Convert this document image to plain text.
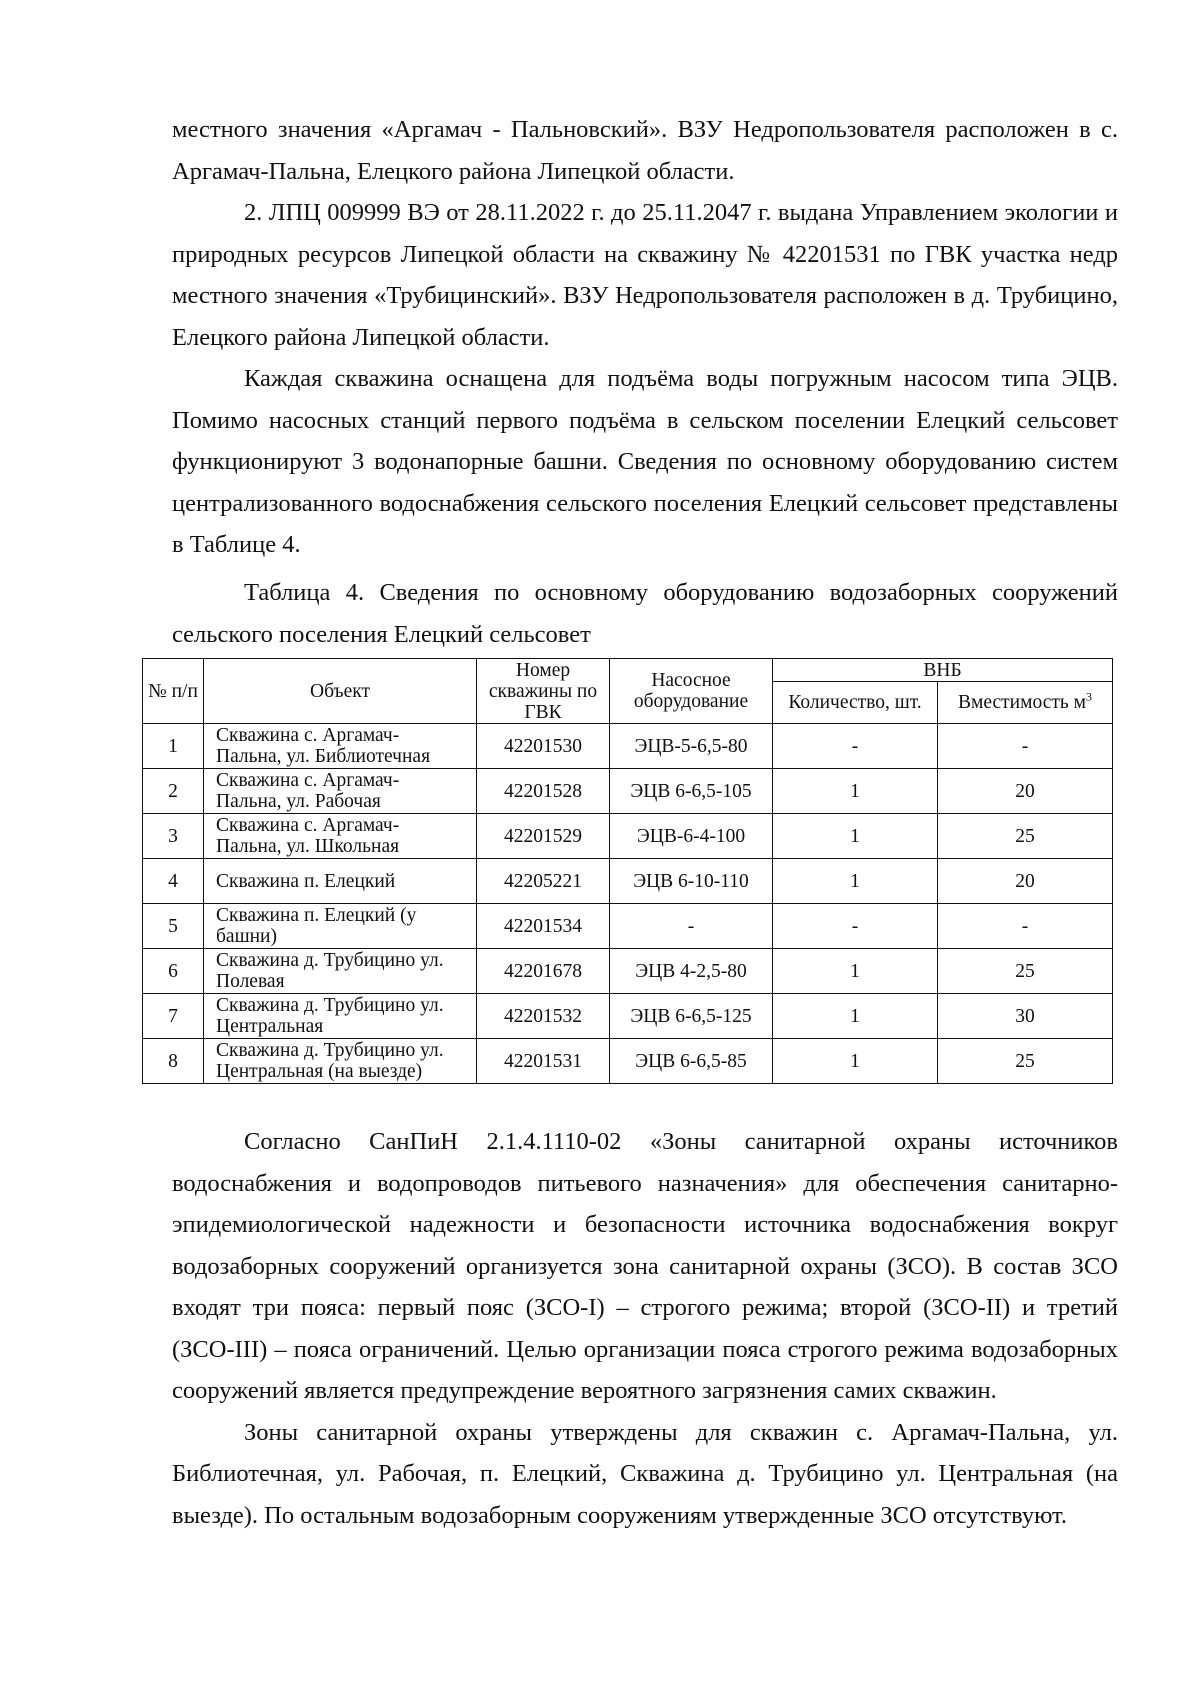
местного значения «Аргамач - Пальновский». ВЗУ Недропользователя расположен в с. Аргамач-Пальна, Елецкого района Липецкой области.

2. ЛПЦ 009999 ВЭ от 28.11.2022 г. до 25.11.2047 г. выдана Управлением экологии и природных ресурсов Липецкой области на скважину № 42201531 по ГВК участка недр местного значения «Трубицинский». ВЗУ Недропользователя расположен в д. Трубицино, Елецкого района Липецкой области.

Каждая скважина оснащена для подъёма воды погружным насосом типа ЭЦВ. Помимо насосных станций первого подъёма в сельском поселении Елецкий сельсовет функционируют 3 водонапорные башни. Сведения по основному оборудованию систем централизованного водоснабжения сельского поселения Елецкий сельсовет представлены в Таблице 4.

Таблица 4. Сведения по основному оборудованию водозаборных сооружений сельского поселения Елецкий сельсовет

№ п/п	Объект	Номер скважины по ГВК	Насосное оборудование	ВНБ	
				Количество, шт.	Вместимость $м^3$
1	Скважина с. Аргамач-
Пальна, ул. Библиотечная	42201530	ЭЦВ-5-6,5-80	-	-
2	Скважина с. Аргамач-
Пальна, ул. Рабочая	42201528	ЭЦВ 6-6,5-105	1	20
3	Скважина с. Аргамач-
Пальна, ул. Школьная	42201529	ЭЦВ-6-4-100	1	25
4	Скважина п. Елецкий	42205221	ЭЦВ 6-10-110	1	20
5	Скважина п. Елецкий (у
башни)	42201534	-	-	-
6	Скважина д. Трубицино ул.
Полевая	42201678	ЭЦВ 4-2,5-80	1	25
7	Скважина д. Трубицино ул.
Центральная	42201532	ЭЦВ 6-6,5-125	1	30
8	Скважина д. Трубицино ул.
Центральная (на выезде)	42201531	ЭЦВ 6-6,5-85	1	25

Согласно СанПиН 2.1.4.1110-02 «Зоны санитарной охраны источников водоснабжения и водопроводов питьевого назначения» для обеспечения санитарно-эпидемиологической надежности и безопасности источника водоснабжения вокруг водозаборных сооружений организуется зона санитарной охраны (ЗСО). В состав ЗСО входят три пояса: первый пояс (ЗСО-I) – строгого режима; второй (ЗСО-II) и третий (ЗСО-III) – пояса ограничений. Целью организации пояса строгого режима водозаборных сооружений является предупреждение вероятного загрязнения самих скважин.

Зоны санитарной охраны утверждены для скважин с. Аргамач-Пальна, ул. Библиотечная, ул. Рабочая, п. Елецкий, Скважина д. Трубицино ул. Центральная (на выезде). По остальным водозаборным сооружениям утвержденные ЗСО отсутствуют.
